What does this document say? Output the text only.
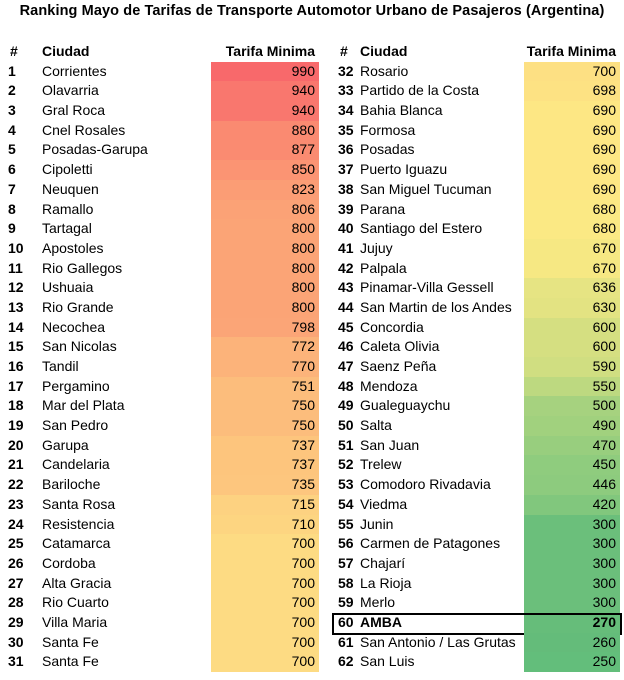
Ranking Mayo de Tarifas de Transporte Automotor Urbano de Pasajeros (Argentina)
#	Ciudad	Tarifa Minima
1	Corrientes	990
2	Olavarria	940
3	Gral Roca	940
4	Cnel Rosales	880
5	Posadas-Garupa	877
6	Cipoletti	850
7	Neuquen	823
8	Ramallo	806
9	Tartagal	800
10	Apostoles	800
11	Rio Gallegos	800
12	Ushuaia	800
13	Rio Grande	800
14	Necochea	798
15	San Nicolas	772
16	Tandil	770
17	Pergamino	751
18	Mar del Plata	750
19	San Pedro	750
20	Garupa	737
21	Candelaria	737
22	Bariloche	735
23	Santa Rosa	715
24	Resistencia	710
25	Catamarca	700
26	Cordoba	700
27	Alta Gracia	700
28	Rio Cuarto	700
29	Villa Maria	700
30	Santa Fe	700
31	Santa Fe	700
# Ciudad	Tarifa Minima
32 Rosario	700
33 Partido de la Costa	698
34 Bahia Blanca	690
35 Formosa	690
36 Posadas	690
37 Puerto Iguazu	690
38 San Miguel Tucuman	690
39 Parana	680
40 Santiago del Estero	680
41 Jujuy	670
42 Palpala	670
43 Pinamar-Villa Gessell	636
44 San Martin de los Andes	630
45 Concordia	600
46 Caleta Olivia	600
47 Saenz Peña	590
48 Mendoza	550
49 Gualeguaychu	500
50 Salta	490
51 San Juan	470
52 Trelew	450
53 Comodoro Rivadavia	446
54 Viedma	420
55 Junin	300
56 Carmen de Patagones	300
57 Chajarí	300
58 La Rioja	300
59 Merlo	300
60 AMBA	270
61 San Antonio / Las Grutas	260
62 San Luis	250
